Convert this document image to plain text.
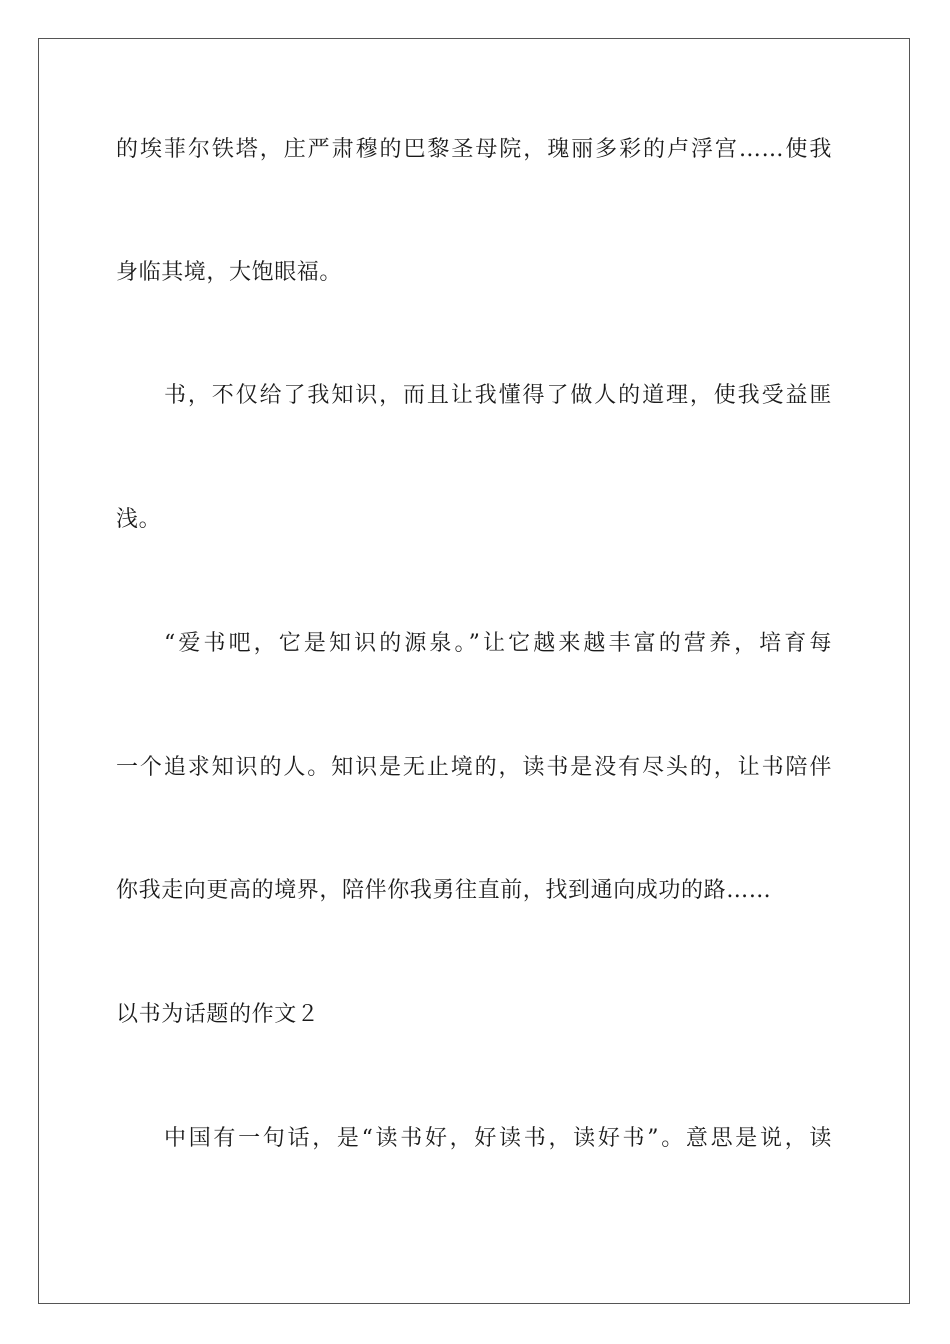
的埃菲尔铁塔，庄严肃穆的巴黎圣母院，瑰丽多彩的卢浮宫……使我
身临其境，大饱眼福。
书，不仅给了我知识，而且让我懂得了做人的道理，使我受益匪
浅。
“爱书吧，它是知识的源泉。”让它越来越丰富的营养，培育每
一个追求知识的人。知识是无止境的，读书是没有尽头的，让书陪伴
你我走向更高的境界，陪伴你我勇往直前，找到通向成功的路……
以书为话题的作文２
中国有一句话，是“读书好，好读书，读好书”。意思是说，读
